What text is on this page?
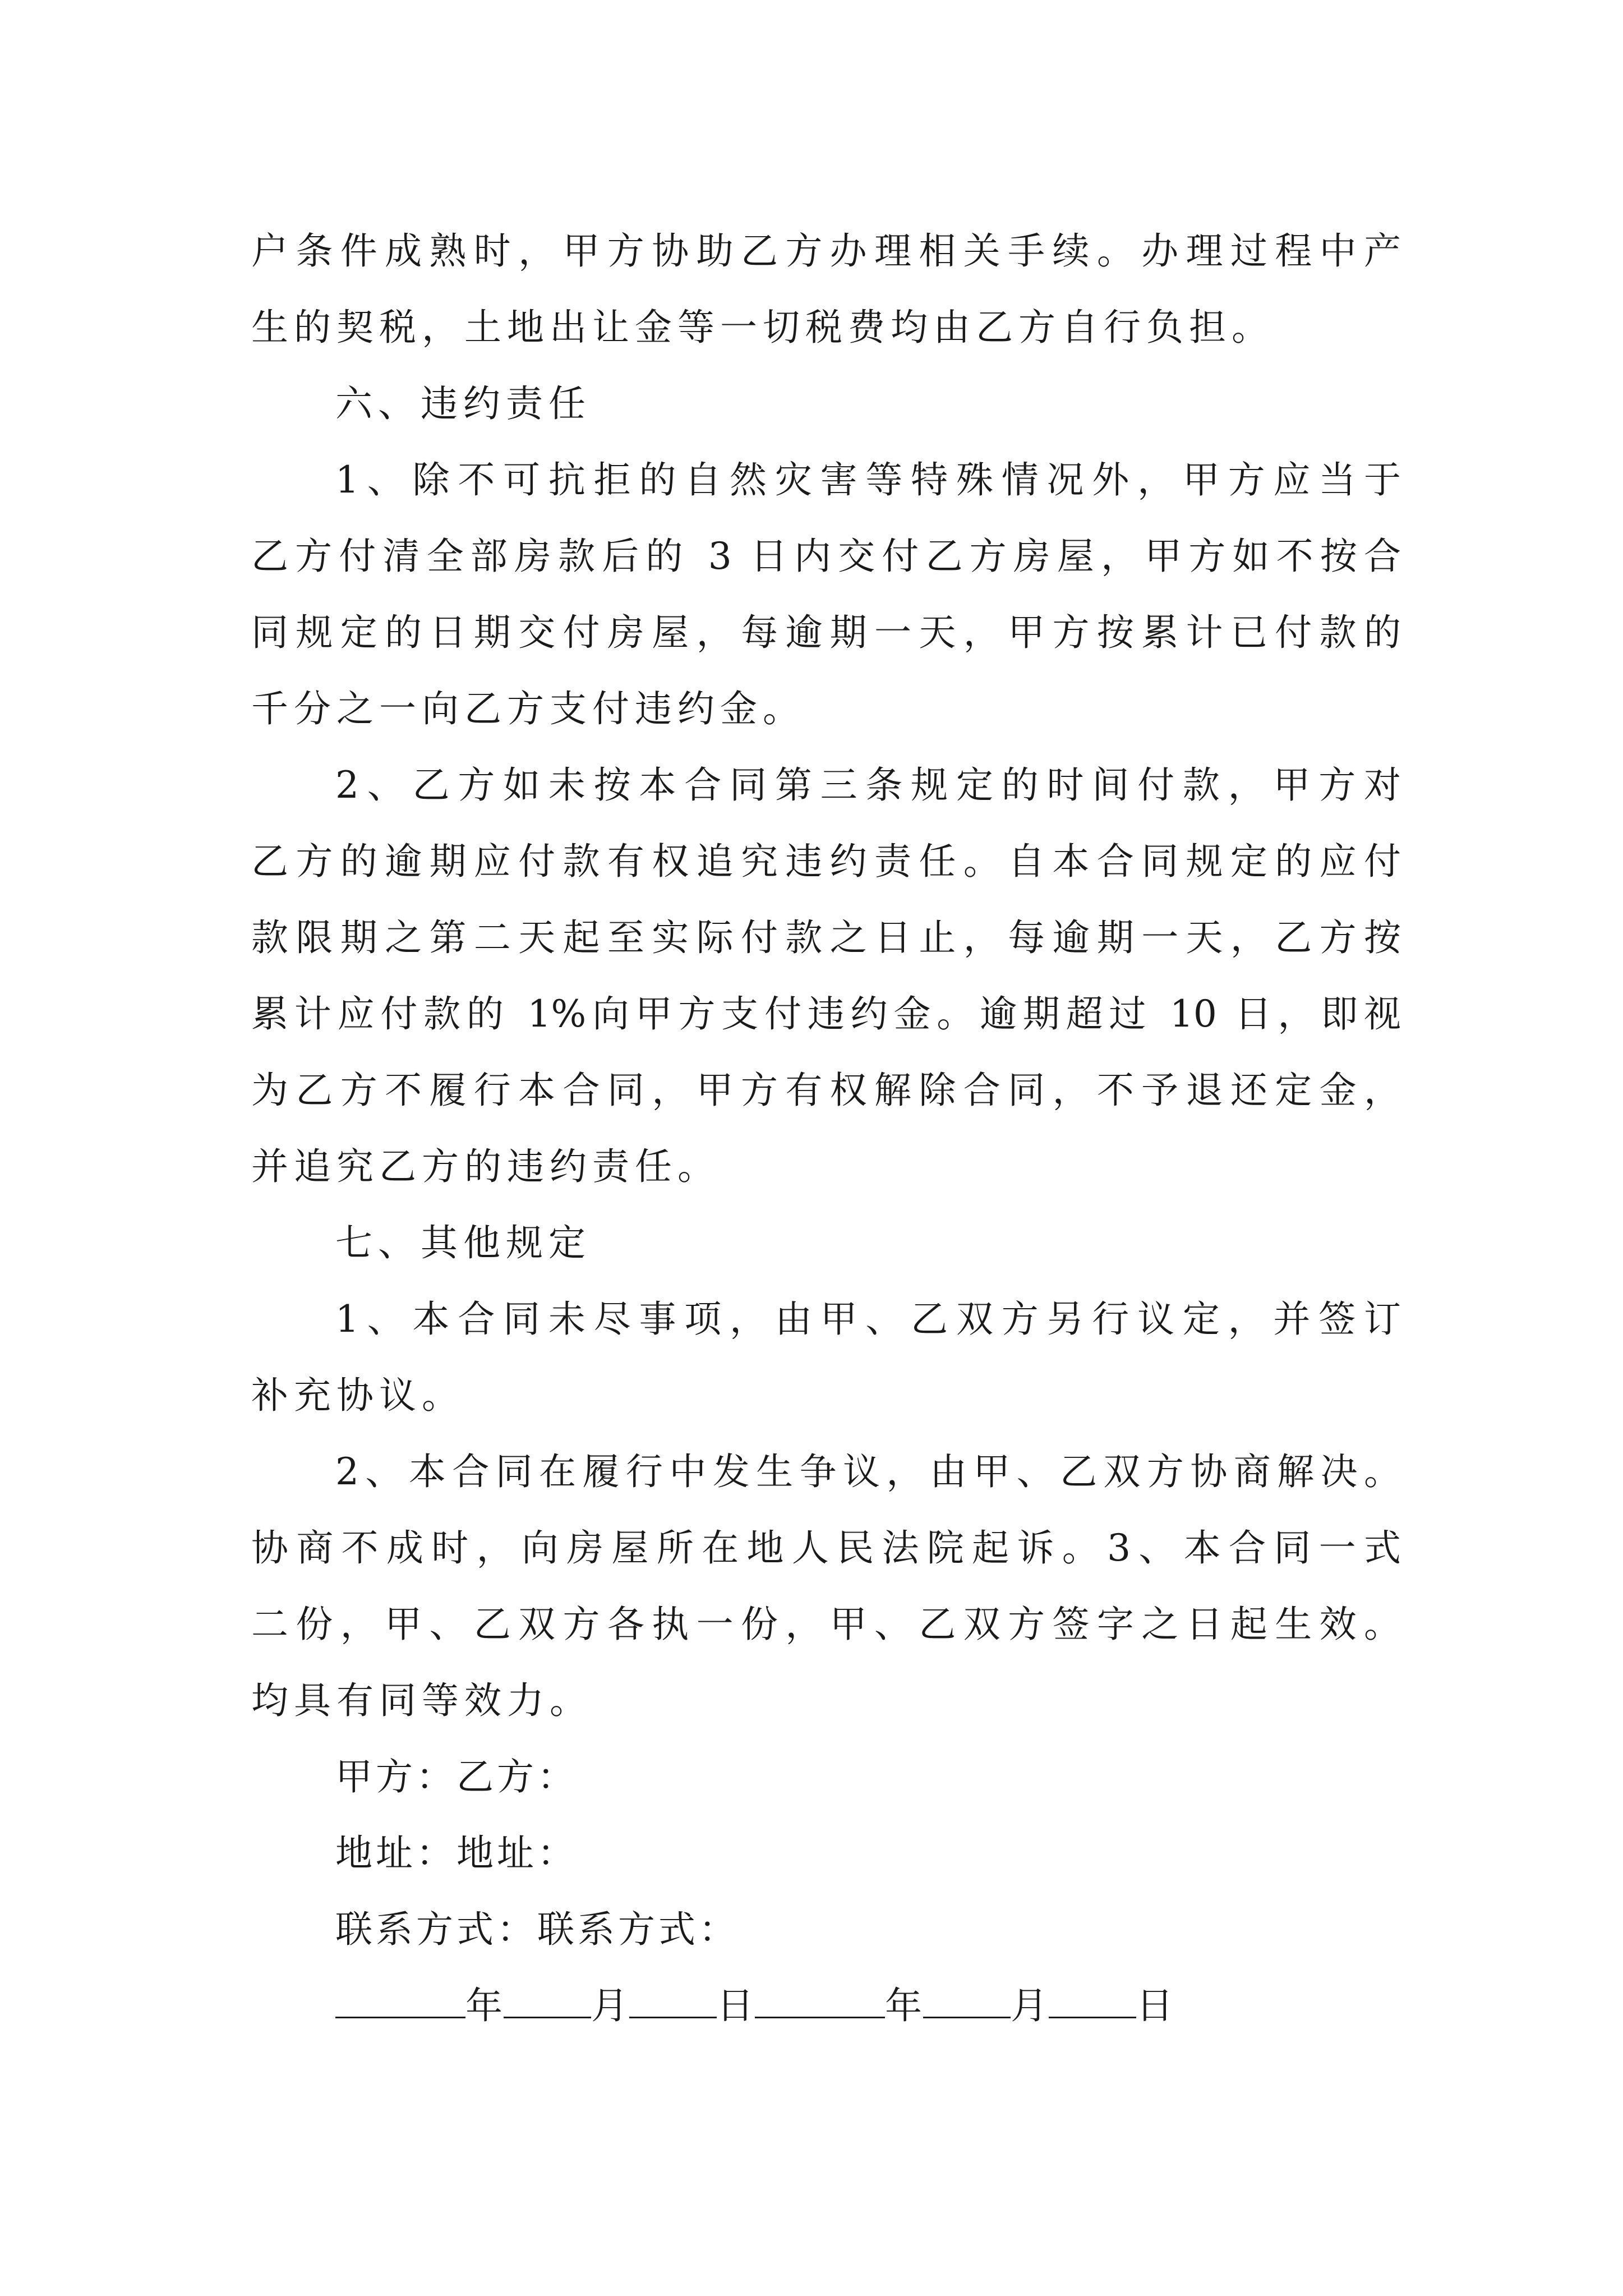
户条件成熟时，甲方协助乙方办理相关手续。办理过程中产
生的契税，土地出让金等一切税费均由乙方自行负担。
六、违约责任
1、除不可抗拒的自然灾害等特殊情况外，甲方应当于
乙方付清全部房款后的 3 日内交付乙方房屋，甲方如不按合
同规定的日期交付房屋，每逾期一天，甲方按累计已付款的
千分之一向乙方支付违约金。
2、乙方如未按本合同第三条规定的时间付款，甲方对
乙方的逾期应付款有权追究违约责任。自本合同规定的应付
款限期之第二天起至实际付款之日止，每逾期一天，乙方按
累计应付款的 1%向甲方支付违约金。逾期超过 10 日，即视
为乙方不履行本合同，甲方有权解除合同，不予退还定金，
并追究乙方的违约责任。
七、其他规定
1、本合同未尽事项，由甲、乙双方另行议定，并签订
补充协议。
2、本合同在履行中发生争议，由甲、乙双方协商解决。
协商不成时，向房屋所在地人民法院起诉。3、本合同一式
二份，甲、乙双方各执一份，甲、乙双方签字之日起生效。
均具有同等效力。
甲方：乙方：
地址：地址：
联系方式：联系方式：
年 月 日	年 月 日
